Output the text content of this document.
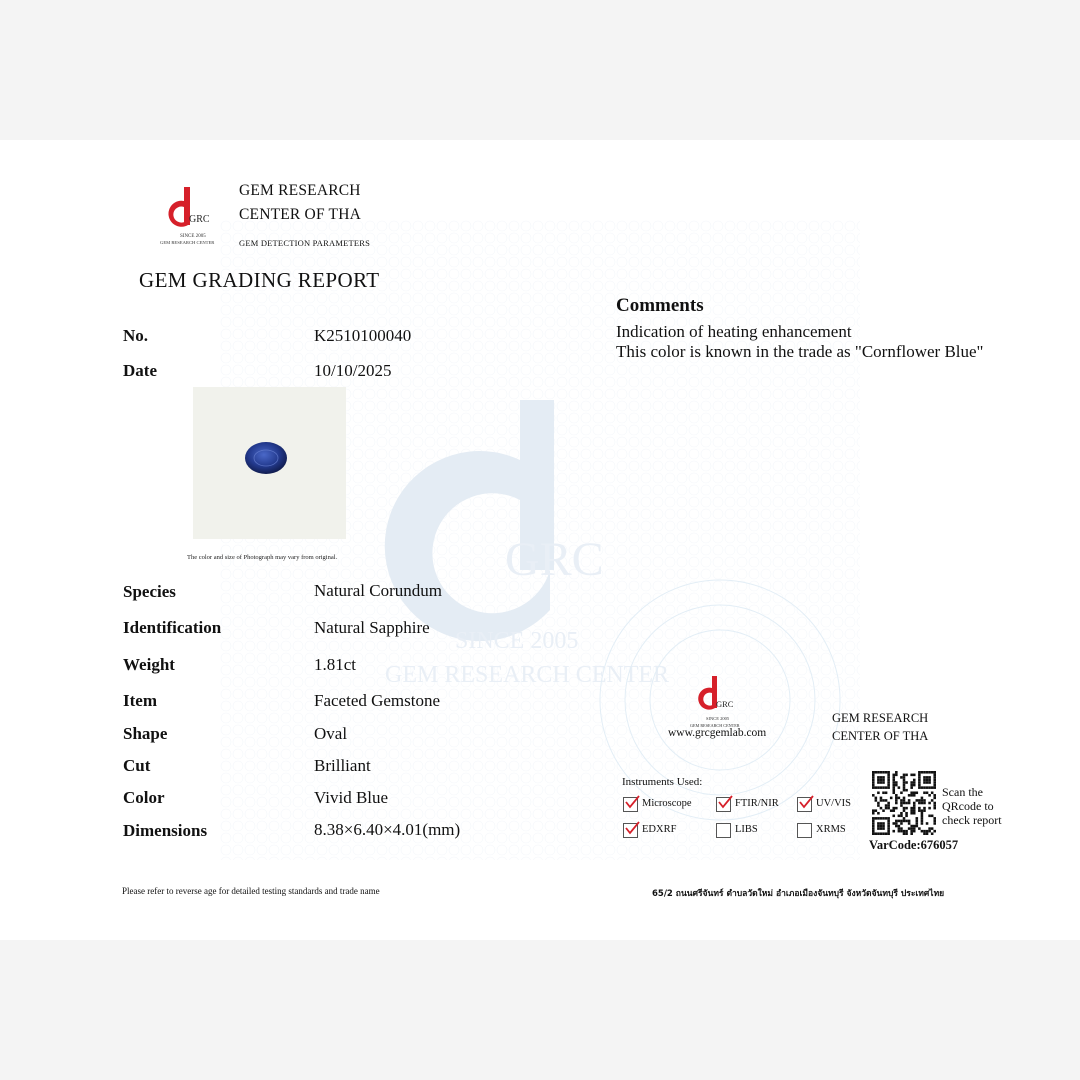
GRC
SINCE 2005
GEM RESEARCH CENTER
GRC
SINCE 2005
GEM RESEARCH CENTER
GEM RESEARCH
CENTER OF THA
GEM DETECTION PARAMETERS
GEM GRADING REPORT
No.	K2510100040
Date	10/10/2025
The color and size of Photograph may vary from original.
Species	Natural Corundum
Identification	Natural Sapphire
Weight	1.81ct
Item	Faceted Gemstone
Shape	Oval
Cut	Brilliant
Color	Vivid Blue
Dimensions	8.38×6.40×4.01(mm)
Comments
Indication of heating enhancement
This color is known in the trade as "Cornflower Blue"
GRC
SINCE 2005
GEM RESEARCH CENTER
www.grcgemlab.com
GEM RESEARCH
CENTER OF THA
Instruments Used:
Microscope	FTIR/NIR	UV/VIS
EDXRF	LIBS	XRMS
Scan the
QRcode to
check report
VarCode:676057
Please refer to reverse age for detailed testing standards and trade name	65/2 ถนนศรีจันทร์ ตำบลวัดใหม่ อำเภอเมืองจันทบุรี จังหวัดจันทบุรี ประเทศไทย
